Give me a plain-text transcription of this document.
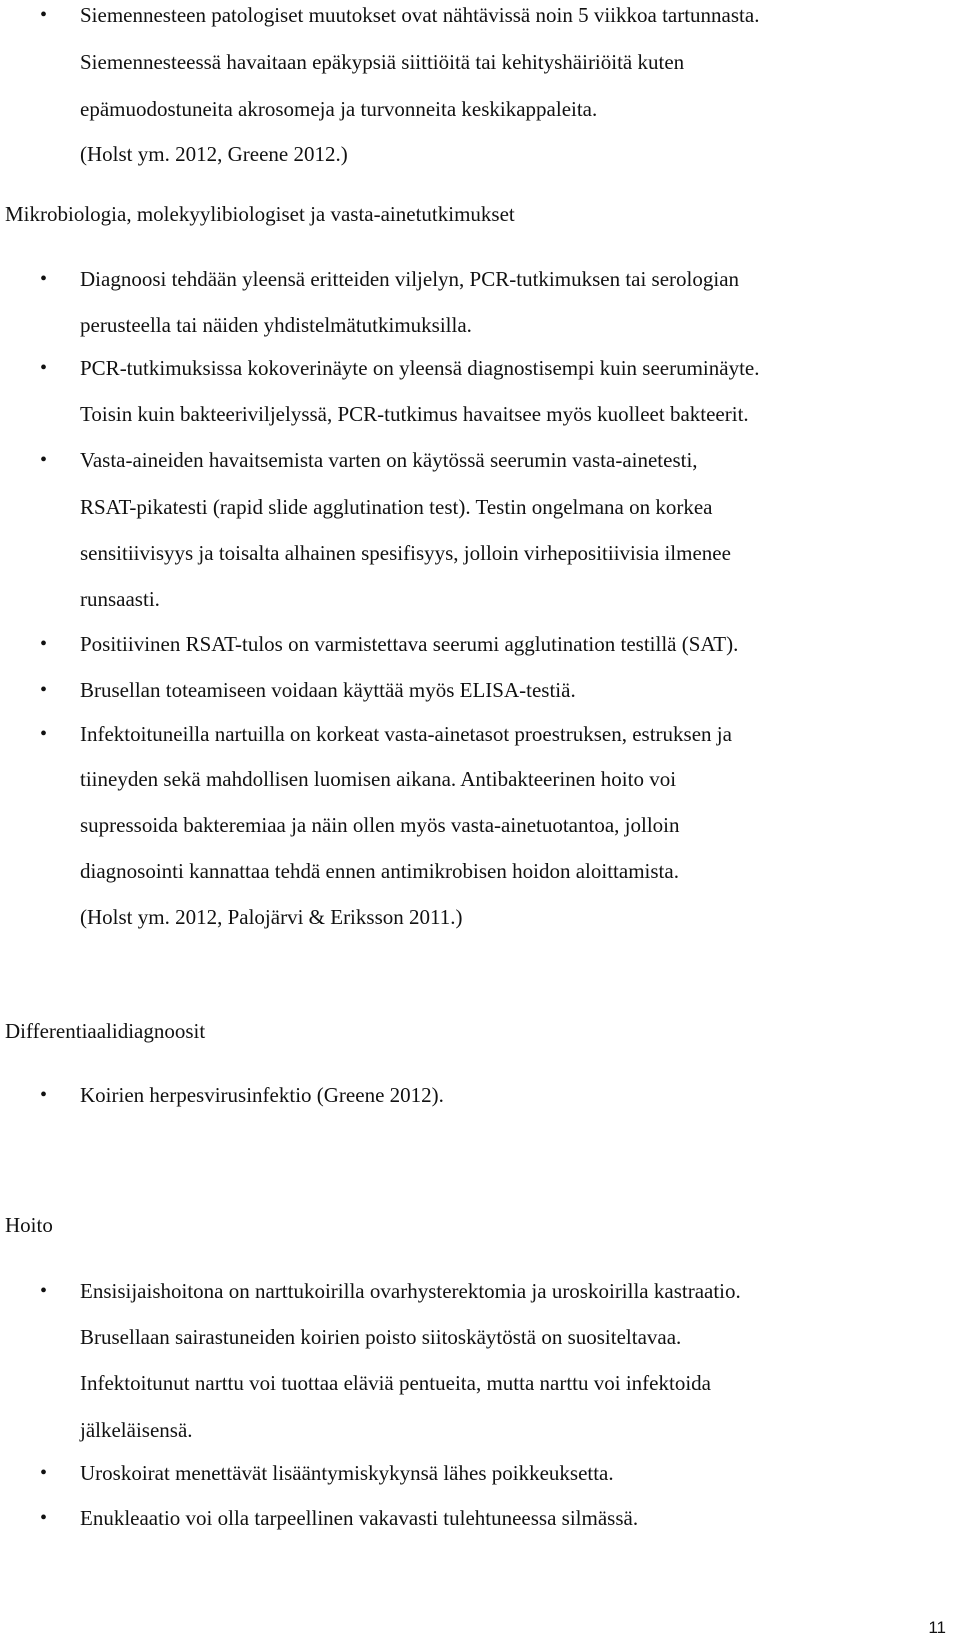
• Siemennesteen patologiset muutokset ovat nähtävissä noin 5 viikkoa tartunnasta.
Siemennesteessä havaitaan epäkypsiä siittiöitä tai kehityshäiriöitä kuten
epämuodostuneita akrosomeja ja turvonneita keskikappaleita.
(Holst ym. 2012, Greene 2012.)
Mikrobiologia, molekyylibiologiset ja vasta-ainetutkimukset
• Diagnoosi tehdään yleensä eritteiden viljelyn, PCR-tutkimuksen tai serologian
perusteella tai näiden yhdistelmätutkimuksilla.
• PCR-tutkimuksissa kokoverinäyte on yleensä diagnostisempi kuin seeruminäyte.
Toisin kuin bakteeriviljelyssä, PCR-tutkimus havaitsee myös kuolleet bakteerit.
• Vasta-aineiden havaitsemista varten on käytössä seerumin vasta-ainetesti,
RSAT-pikatesti (rapid slide agglutination test). Testin ongelmana on korkea
sensitiivisyys ja toisalta alhainen spesifisyys, jolloin virhepositiivisia ilmenee
runsaasti.
• Positiivinen RSAT-tulos on varmistettava seerumi agglutination testillä (SAT).
• Brusellan toteamiseen voidaan käyttää myös ELISA-testiä.
• Infektoituneilla nartuilla on korkeat vasta-ainetasot proestruksen, estruksen ja
tiineyden sekä mahdollisen luomisen aikana. Antibakteerinen hoito voi
supressoida bakteremiaa ja näin ollen myös vasta-ainetuotantoa, jolloin
diagnosointi kannattaa tehdä ennen antimikrobisen hoidon aloittamista.
(Holst ym. 2012, Palojärvi & Eriksson 2011.)
Differentiaalidiagnoosit
• Koirien herpesvirusinfektio (Greene 2012).
Hoito
• Ensisijaishoitona on narttukoirilla ovarhysterektomia ja uroskoirilla kastraatio.
Brusellaan sairastuneiden koirien poisto siitoskäytöstä on suositeltavaa.
Infektoitunut narttu voi tuottaa eläviä pentueita, mutta narttu voi infektoida
jälkeläisensä.
• Uroskoirat menettävät lisääntymiskykynsä lähes poikkeuksetta.
• Enukleaatio voi olla tarpeellinen vakavasti tulehtuneessa silmässä.
11
